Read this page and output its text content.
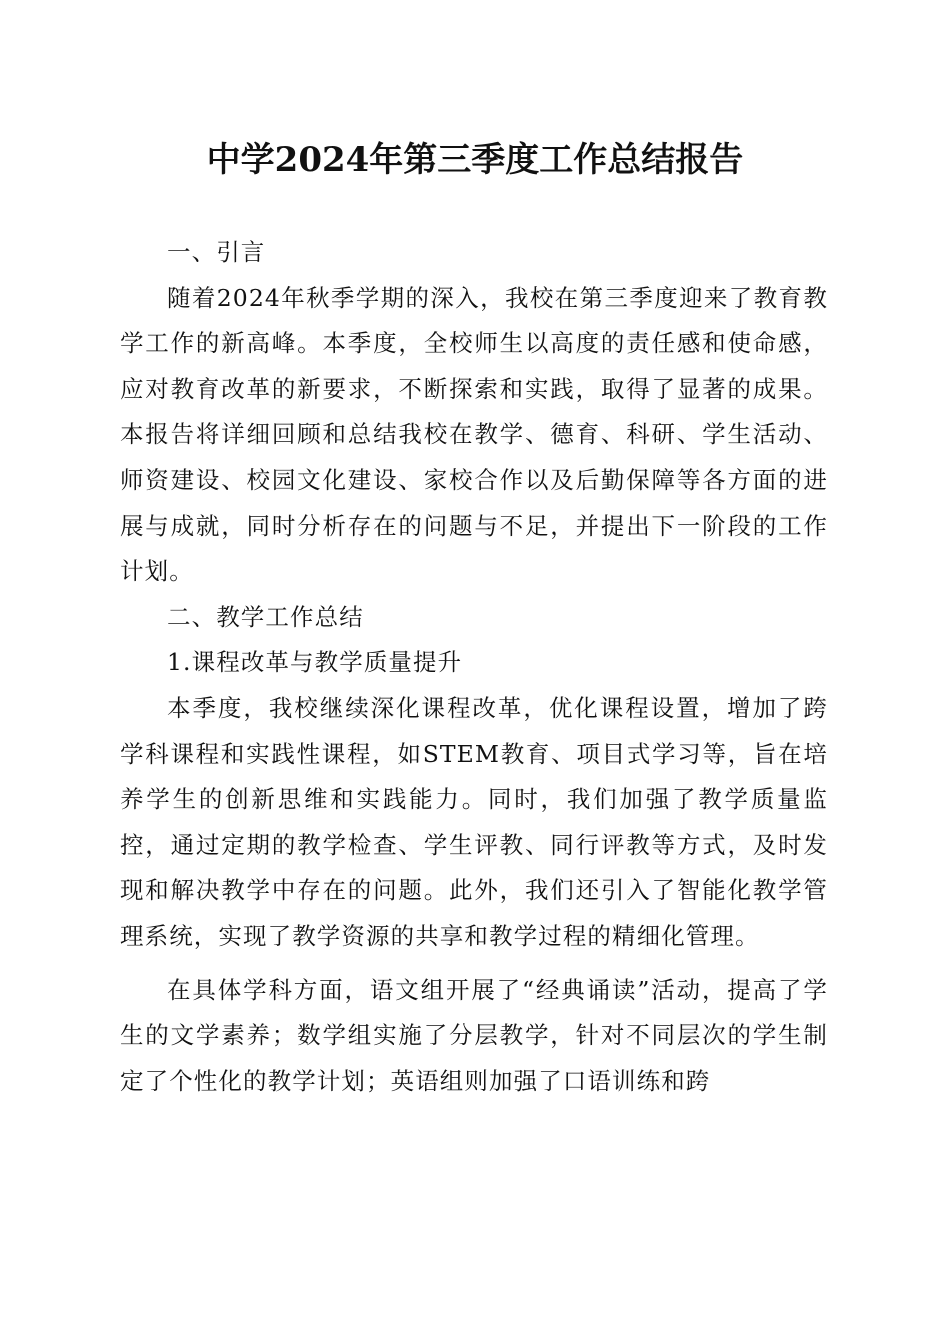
中学2024年第三季度工作总结报告

一、引言

随着2024年秋季学期的深入，我校在第三季度迎来了教育教学工作的新高峰。本季度，全校师生以高度的责任感和使命感，应对教育改革的新要求，不断探索和实践，取得了显著的成果。本报告将详细回顾和总结我校在教学、德育、科研、学生活动、师资建设、校园文化建设、家校合作以及后勤保障等各方面的进展与成就，同时分析存在的问题与不足，并提出下一阶段的工作计划。

二、教学工作总结

1.课程改革与教学质量提升

本季度，我校继续深化课程改革，优化课程设置，增加了跨学科课程和实践性课程，如STEM教育、项目式学习等，旨在培养学生的创新思维和实践能力。同时，我们加强了教学质量监控，通过定期的教学检查、学生评教、同行评教等方式，及时发现和解决教学中存在的问题。此外，我们还引入了智能化教学管理系统，实现了教学资源的共享和教学过程的精细化管理。

在具体学科方面，语文组开展了“经典诵读”活动，提高了学生的文学素养；数学组实施了分层教学，针对不同层次的学生制定了个性化的教学计划；英语组则加强了口语训练和跨
